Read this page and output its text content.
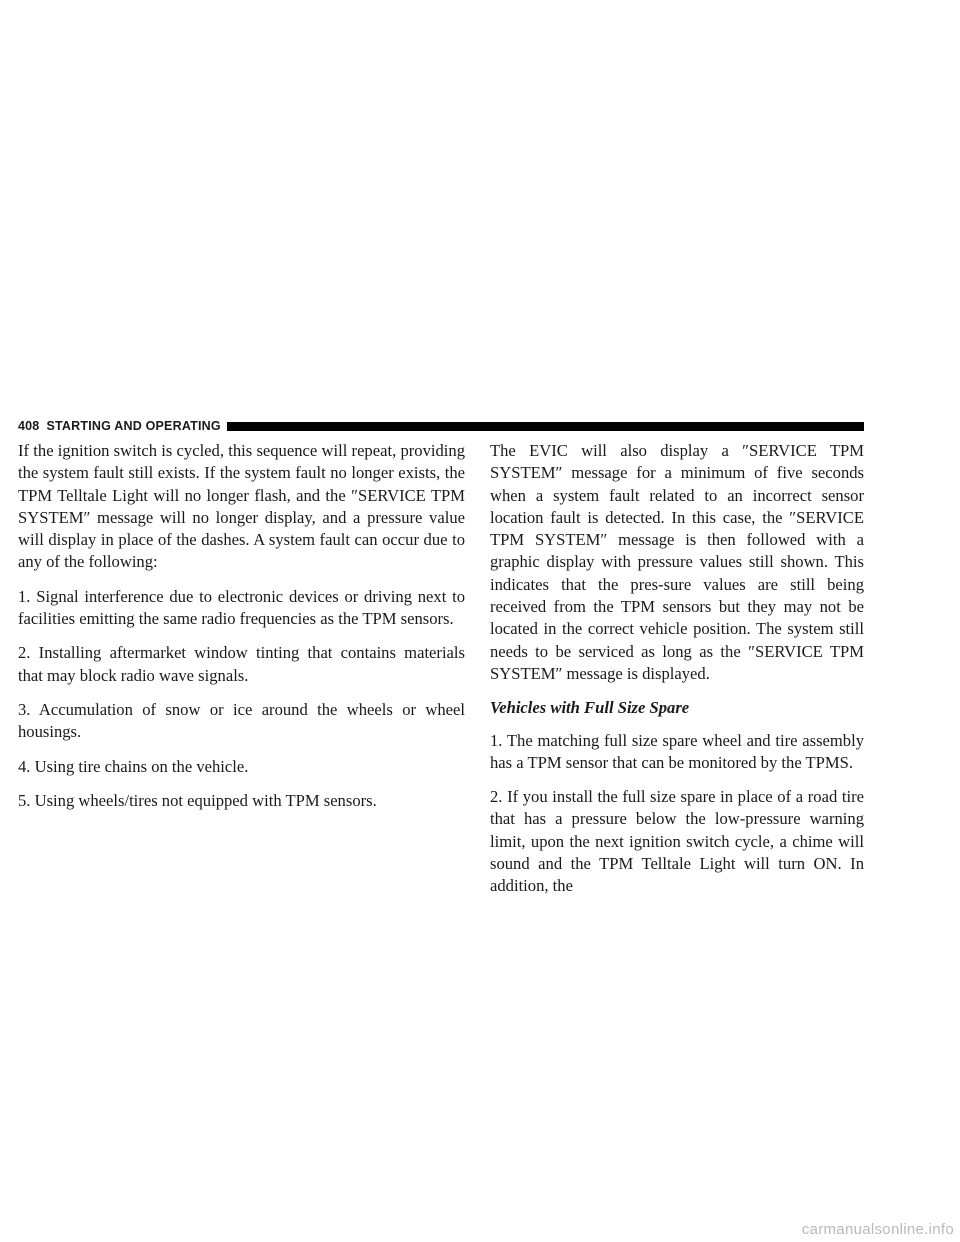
408 STARTING AND OPERATING

If the ignition switch is cycled, this sequence will repeat, providing the system fault still exists. If the system fault no longer exists, the TPM Telltale Light will no longer flash, and the ″SERVICE TPM SYSTEM″ message will no longer display, and a pressure value will display in place of the dashes. A system fault can occur due to any of the following:

1. Signal interference due to electronic devices or driving next to facilities emitting the same radio frequencies as the TPM sensors.

2. Installing aftermarket window tinting that contains materials that may block radio wave signals.

3. Accumulation of snow or ice around the wheels or wheel housings.

4. Using tire chains on the vehicle.

5. Using wheels/tires not equipped with TPM sensors.

The EVIC will also display a ″SERVICE TPM SYSTEM″ message for a minimum of five seconds when a system fault related to an incorrect sensor location fault is detected. In this case, the ″SERVICE TPM SYSTEM″ message is then followed with a graphic display with pressure values still shown. This indicates that the pres-sure values are still being received from the TPM sensors but they may not be located in the correct vehicle position. The system still needs to be serviced as long as the ″SERVICE TPM SYSTEM″ message is displayed.

Vehicles with Full Size Spare

1. The matching full size spare wheel and tire assembly has a TPM sensor that can be monitored by the TPMS.

2. If you install the full size spare in place of a road tire that has a pressure below the low-pressure warning limit, upon the next ignition switch cycle, a chime will sound and the TPM Telltale Light will turn ON. In addition, the

carmanualsonline.info
